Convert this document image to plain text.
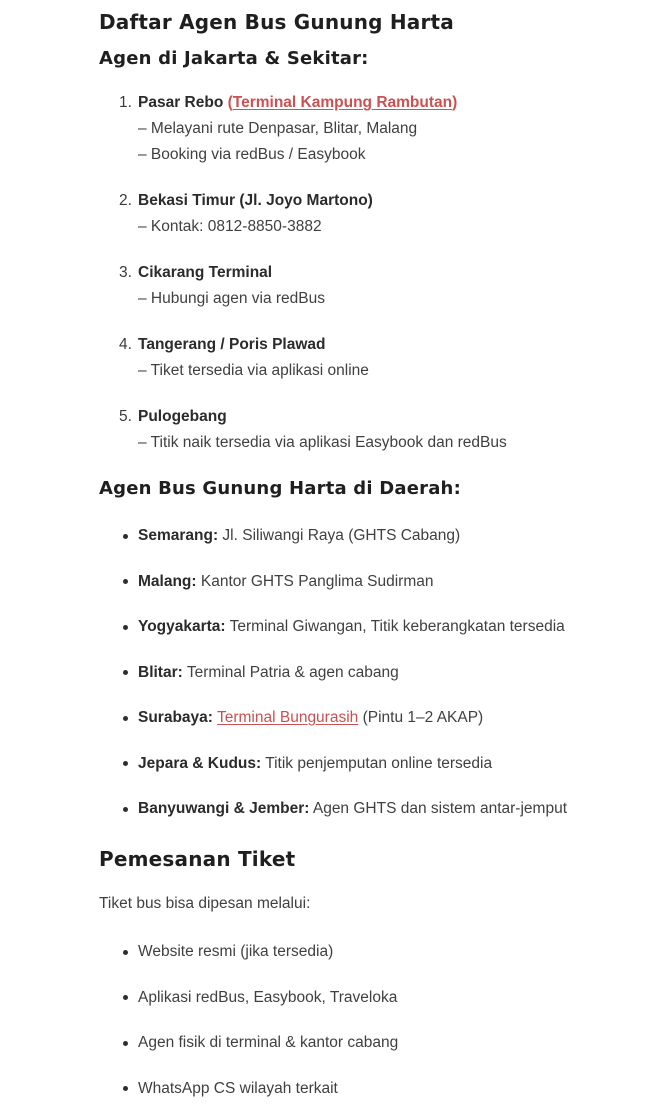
Daftar Agen Bus Gunung Harta
Agen di Jakarta & Sekitar:
1. Pasar Rebo (Terminal Kampung Rambutan)
– Melayani rute Denpasar, Blitar, Malang
– Booking via redBus / Easybook
2. Bekasi Timur (Jl. Joyo Martono)
– Kontak: 0812-8850-3882
3. Cikarang Terminal
– Hubungi agen via redBus
4. Tangerang / Poris Plawad
– Tiket tersedia via aplikasi online
5. Pulogebang
– Titik naik tersedia via aplikasi Easybook dan redBus
Agen Bus Gunung Harta di Daerah:
Semarang: Jl. Siliwangi Raya (GHTS Cabang)
Malang: Kantor GHTS Panglima Sudirman
Yogyakarta: Terminal Giwangan, Titik keberangkatan tersedia
Blitar: Terminal Patria & agen cabang
Surabaya: Terminal Bungurasih (Pintu 1–2 AKAP)
Jepara & Kudus: Titik penjemputan online tersedia
Banyuwangi & Jember: Agen GHTS dan sistem antar-jemput
Pemesanan Tiket

Tiket bus bisa dipesan melalui:

Website resmi (jika tersedia)
Aplikasi redBus, Easybook, Traveloka
Agen fisik di terminal & kantor cabang
WhatsApp CS wilayah terkait
